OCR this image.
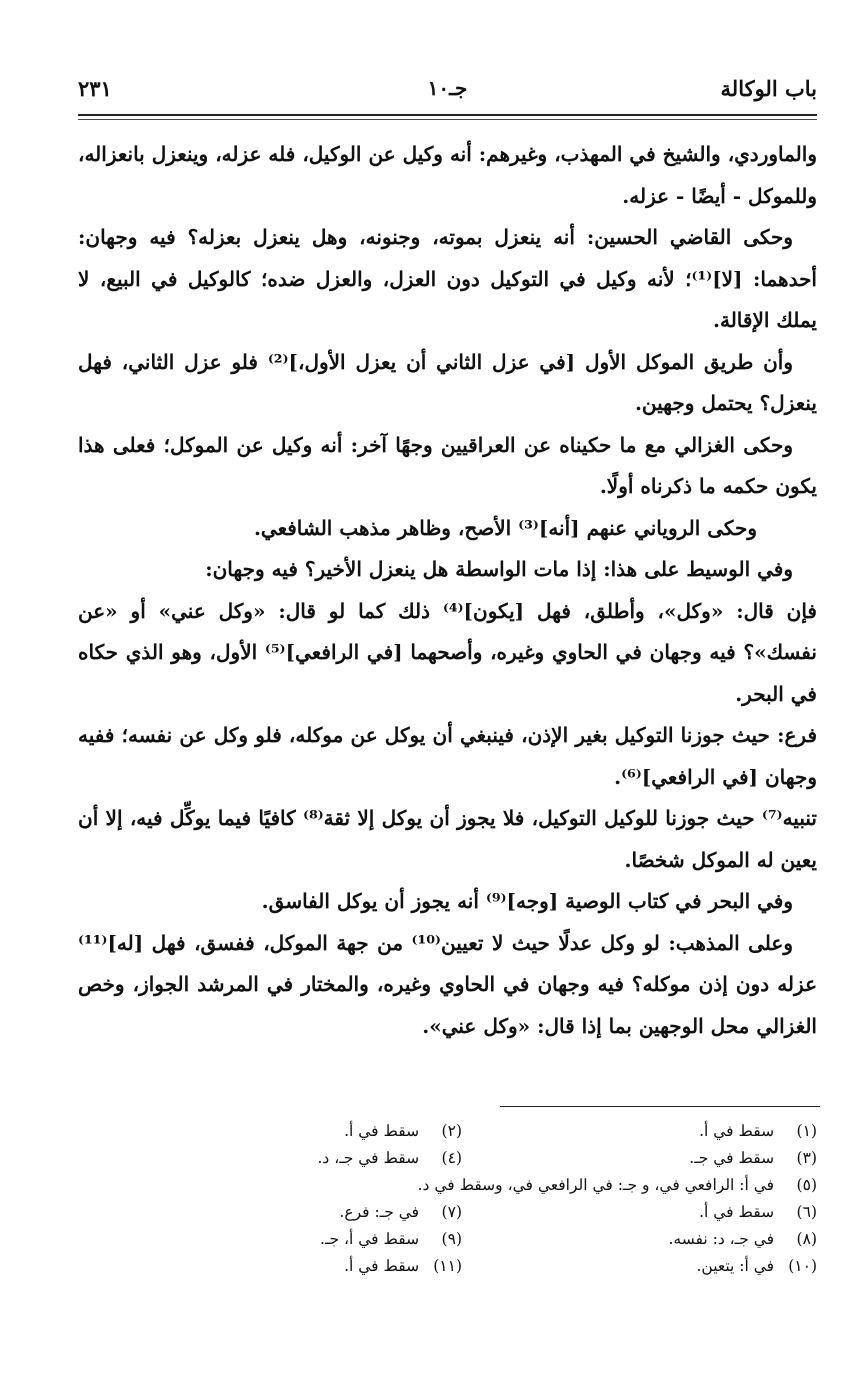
باب الوكالة
جـ١٠
٢٣١

والماوردي، والشيخ في المهذب، وغيرهم: أنه وكيل عن الوكيل، فله عزله، وينعزل بانعزاله، وللموكل - أيضًا - عزله.

وحكى القاضي الحسين: أنه ينعزل بموته، وجنونه، وهل ينعزل بعزله؟ فيه وجهان: أحدهما: [لا]⁽¹⁾؛ لأنه وكيل في التوكيل دون العزل، والعزل ضده؛ كالوكيل في البيع، لا يملك الإقالة.

وأن طريق الموكل الأول [في عزل الثاني أن يعزل الأول،]⁽²⁾ فلو عزل الثاني، فهل ينعزل؟ يحتمل وجهين.

وحكى الغزالي مع ما حكيناه عن العراقيين وجهًا آخر: أنه وكيل عن الموكل؛ فعلى هذا يكون حكمه ما ذكرناه أولًا.

وحكى الروياني عنهم [أنه]⁽³⁾ الأصح، وظاهر مذهب الشافعي.

وفي الوسيط على هذا: إذا مات الواسطة هل ينعزل الأخير؟ فيه وجهان:

فإن قال: «وكل»، وأطلق، فهل [يكون]⁽⁴⁾ ذلك كما لو قال: «وكل عني» أو «عن نفسك»؟ فيه وجهان في الحاوي وغيره، وأصحهما [في الرافعي]⁽⁵⁾ الأول، وهو الذي حكاه في البحر.

فرع: حيث جوزنا التوكيل بغير الإذن، فينبغي أن يوكل عن موكله، فلو وكل عن نفسه؛ ففيه وجهان [في الرافعي]⁽⁶⁾.

تنبيه⁽⁷⁾ حيث جوزنا للوكيل التوكيل، فلا يجوز أن يوكل إلا ثقة⁽⁸⁾ كافيًا فيما يوكِّل فيه، إلا أن يعين له الموكل شخصًا.

وفي البحر في كتاب الوصية [وجه]⁽⁹⁾ أنه يجوز أن يوكل الفاسق.

وعلى المذهب: لو وكل عدلًا حيث لا تعيين⁽¹⁰⁾ من جهة الموكل، ففسق، فهل [له]⁽¹¹⁾ عزله دون إذن موكله؟ فيه وجهان في الحاوي وغيره، والمختار في المرشد الجواز، وخص الغزالي محل الوجهين بما إذا قال: «وكل عني».

(١) سقط في أ.
(٢) سقط في أ.
(٣) سقط في جـ.
(٤) سقط في جـ، د.
(٥) في أ: الرافعي في، و جـ: في الرافعي في، وسقط في د.
(٦) سقط في أ.
(٧) في جـ: فرع.
(٨) في جـ، د: نفسه.
(٩) سقط في أ، جـ.
(١٠) في أ: يتعين.
(١١) سقط في أ.
